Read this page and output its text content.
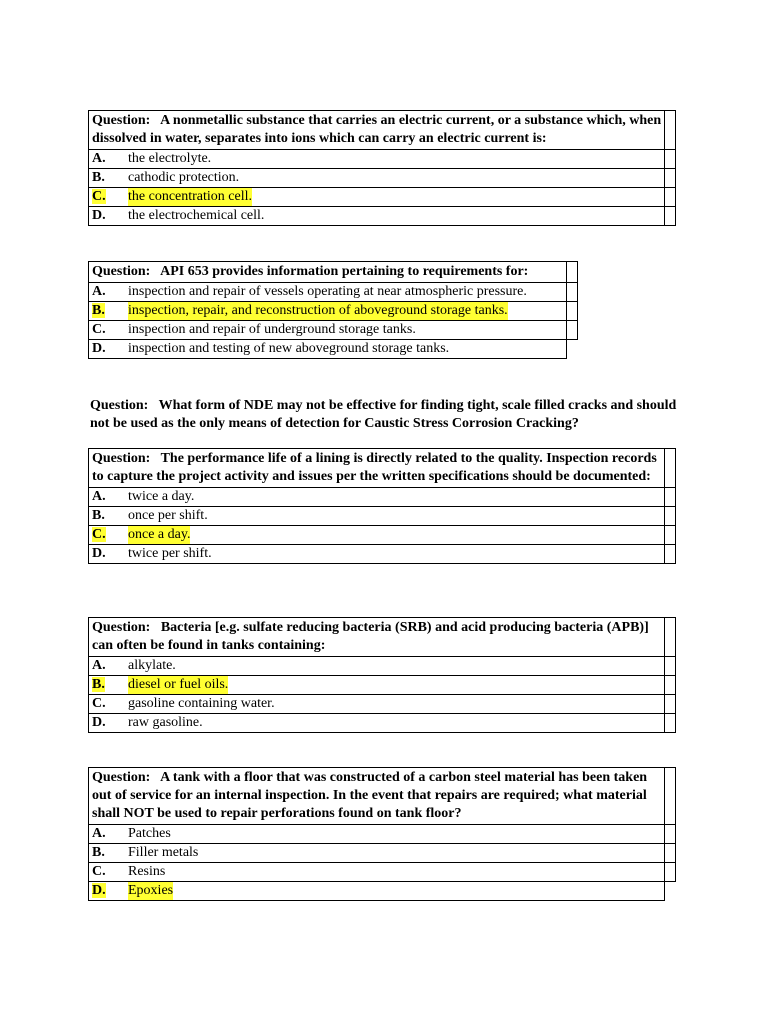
Question: A nonmetallic substance that carries an electric current, or a substance which, when dissolved in water, separates into ions which can carry an electric current is:	

A. the electrolyte.	

B. cathodic protection.	

C. the concentration cell.	

D. the electrochemical cell.	

Question: API 653 provides information pertaining to requirements for:	

A. inspection and repair of vessels operating at near atmospheric pressure.	

B. inspection, repair, and reconstruction of aboveground storage tanks.	

C. inspection and repair of underground storage tanks.	

D. inspection and testing of new aboveground storage tanks.	

Question: What form of NDE may not be effective for finding tight, scale filled cracks and should not be used as the only means of detection for Caustic Stress Corrosion Cracking?
Question: The performance life of a lining is directly related to the quality. Inspection records to capture the project activity and issues per the written specifications should be documented:	

A. twice a day.	

B. once per shift.	

C. once a day.	

D. twice per shift.	

Question: Bacteria [e.g. sulfate reducing bacteria (SRB) and acid producing bacteria (APB)] can often be found in tanks containing:	

A. alkylate.	

B. diesel or fuel oils.	

C. gasoline containing water.	

D. raw gasoline.	

Question: A tank with a floor that was constructed of a carbon steel material has been taken out of service for an internal inspection. In the event that repairs are required; what material shall NOT be used to repair perforations found on tank floor?	

A. Patches	

B. Filler metals	

C. Resins	

D. Epoxies	
